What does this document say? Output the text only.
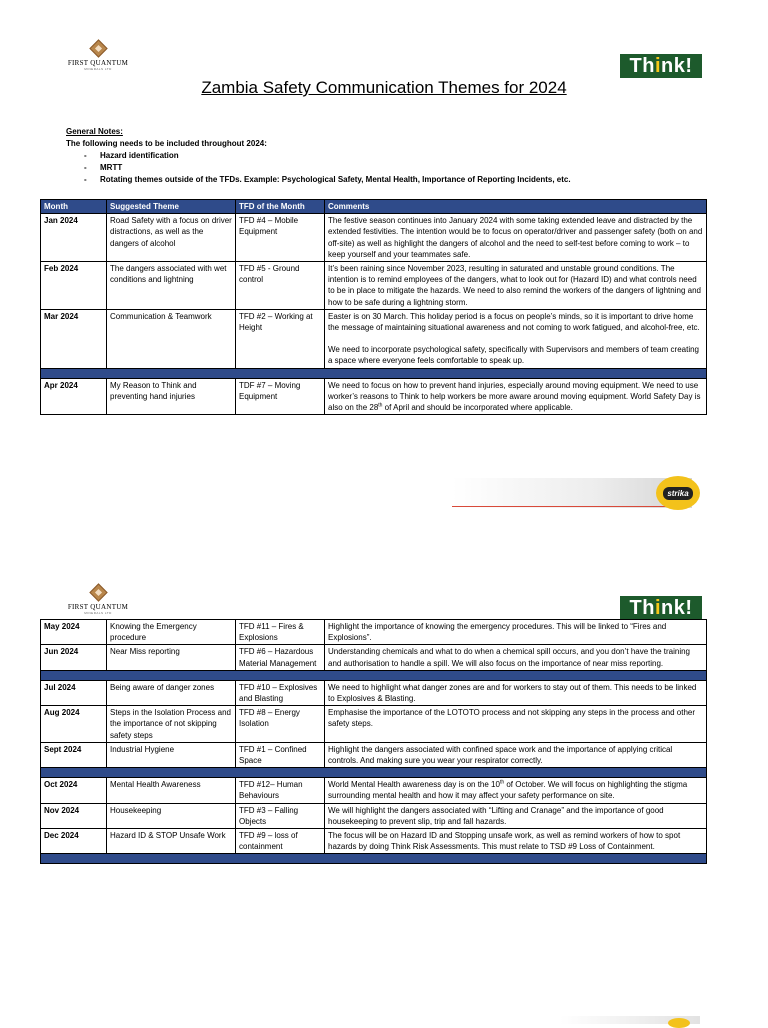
FIRST QUANTUM
MINERALS LTD	Think!
Zambia Safety Communication Themes for 2024
General Notes:
The following needs to be included throughout 2024:
- Hazard identification
- MRTT
- Rotating themes outside of the TFDs. Example: Psychological Safety, Mental Health, Importance of Reporting Incidents, etc.
Month	Suggested Theme	TFD of the Month	Comments
Jan 2024	Road Safety with a focus on driver distractions, as well as the dangers of alcohol	TFD #4 – Mobile Equipment	The festive season continues into January 2024 with some taking extended leave and distracted by the extended festivities. The intention would be to focus on operator/driver and passenger safety (both on and off-site) as well as highlight the dangers of alcohol and the need to self-test before coming to work – to keep yourself and your teammates safe.
Feb 2024	The dangers associated with wet conditions and lightning	TFD #5 - Ground control	It’s been raining since November 2023, resulting in saturated and unstable ground conditions. The intention is to remind employees of the dangers, what to look out for (Hazard ID) and what controls need to be in place to mitigate the hazards. We need to also remind the workers of the dangers of lightning and how to be safe during a lightning storm.
Mar 2024	Communication & Teamwork	TFD #2 – Working at Height	Easter is on 30 March. This holiday period is a focus on people’s minds, so it is important to drive home the message of maintaining situational awareness and not coming to work fatigued, and alcohol-free, etc.
We need to incorporate psychological safety, specifically with Supervisors and members of team creating a space where everyone feels comfortable to speak up.

Apr 2024	My Reason to Think and preventing hand injuries	TDF #7 – Moving Equipment	We need to focus on how to prevent hand injuries, especially around moving equipment. We need to use worker’s reasons to Think to help workers be more aware around moving equipment. World Safety Day is also on the 28th of April and should be incorporated where applicable.
strika
FIRST QUANTUM
MINERALS LTD	Think!
May 2024	Knowing the Emergency procedure	TFD #11 – Fires & Explosions	Highlight the importance of knowing the emergency procedures. This will be linked to “Fires and Explosions”.
Jun 2024	Near Miss reporting	TFD #6 – Hazardous Material Management	Understanding chemicals and what to do when a chemical spill occurs, and you don’t have the training and authorisation to handle a spill. We will also focus on the importance of near miss reporting.

Jul 2024	Being aware of danger zones	TFD #10 – Explosives and Blasting	We need to highlight what danger zones are and for workers to stay out of them. This needs to be linked to Explosives & Blasting.
Aug 2024	Steps in the Isolation Process and the importance of not skipping safety steps	TFD #8 – Energy Isolation	Emphasise the importance of the LOTOTO process and not skipping any steps in the process and other safety steps.
Sept 2024	Industrial Hygiene	TFD #1 – Confined Space	Highlight the dangers associated with confined space work and the importance of applying critical controls. And making sure you wear your respirator correctly.

Oct 2024	Mental Health Awareness	TFD #12– Human Behaviours	World Mental Health awareness day is on the 10th of October. We will focus on highlighting the stigma surrounding mental health and how it may affect your safety performance on site.
Nov 2024	Housekeeping	TFD #3 – Falling Objects	We will highlight the dangers associated with “Lifting and Cranage” and the importance of good housekeeping to prevent slip, trip and fall hazards.
Dec 2024	Hazard ID & STOP Unsafe Work	TFD #9 – loss of containment	The focus will be on Hazard ID and Stopping unsafe work, as well as remind workers of how to spot hazards by doing Think Risk Assessments. This must relate to TSD #9 Loss of Containment.
